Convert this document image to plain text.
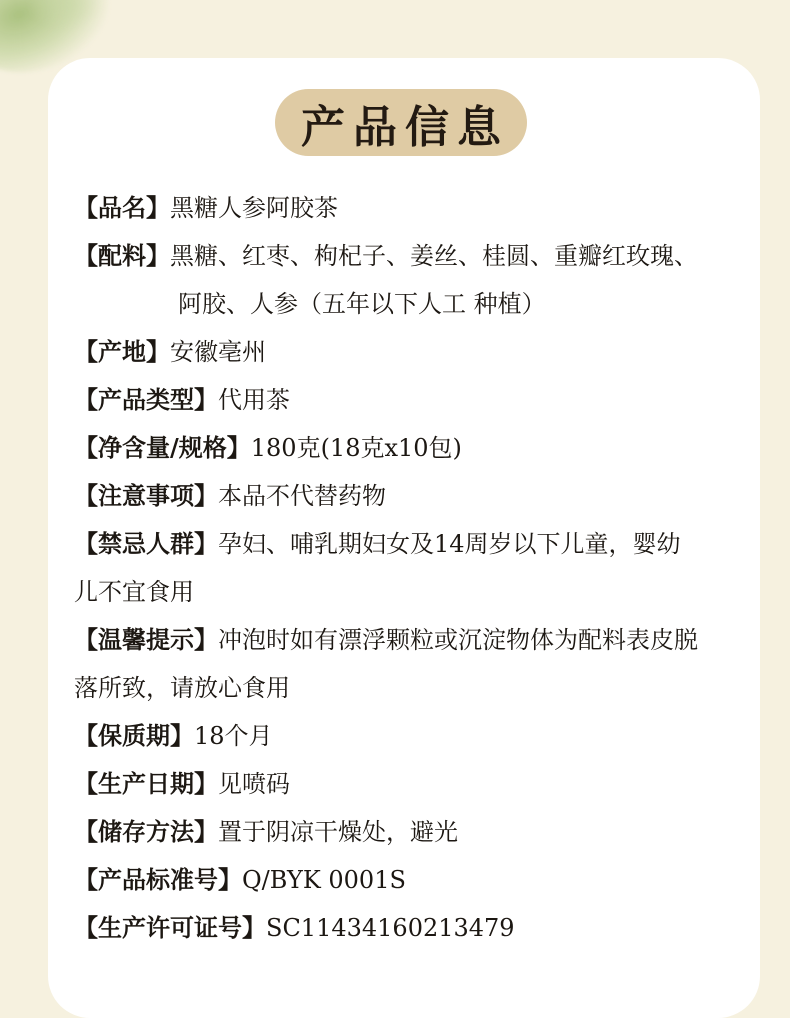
产品信息
【品名】黑糖人参阿胶茶
【配料】黑糖、红枣、枸杞子、姜丝、桂圆、重瓣红玫瑰、
阿胶、人参（五年以下人工 种植）
【产地】安徽亳州
【产品类型】代用茶
【净含量/规格】180克(18克x10包)
【注意事项】本品不代替药物
【禁忌人群】孕妇、哺乳期妇女及14周岁以下儿童，婴幼
儿不宜食用
【温馨提示】冲泡时如有漂浮颗粒或沉淀物体为配料表皮脱
落所致，请放心食用
【保质期】18个月
【生产日期】见喷码
【储存方法】置于阴凉干燥处，避光
【产品标准号】Q/BYK 0001S
【生产许可证号】SC11434160213479
